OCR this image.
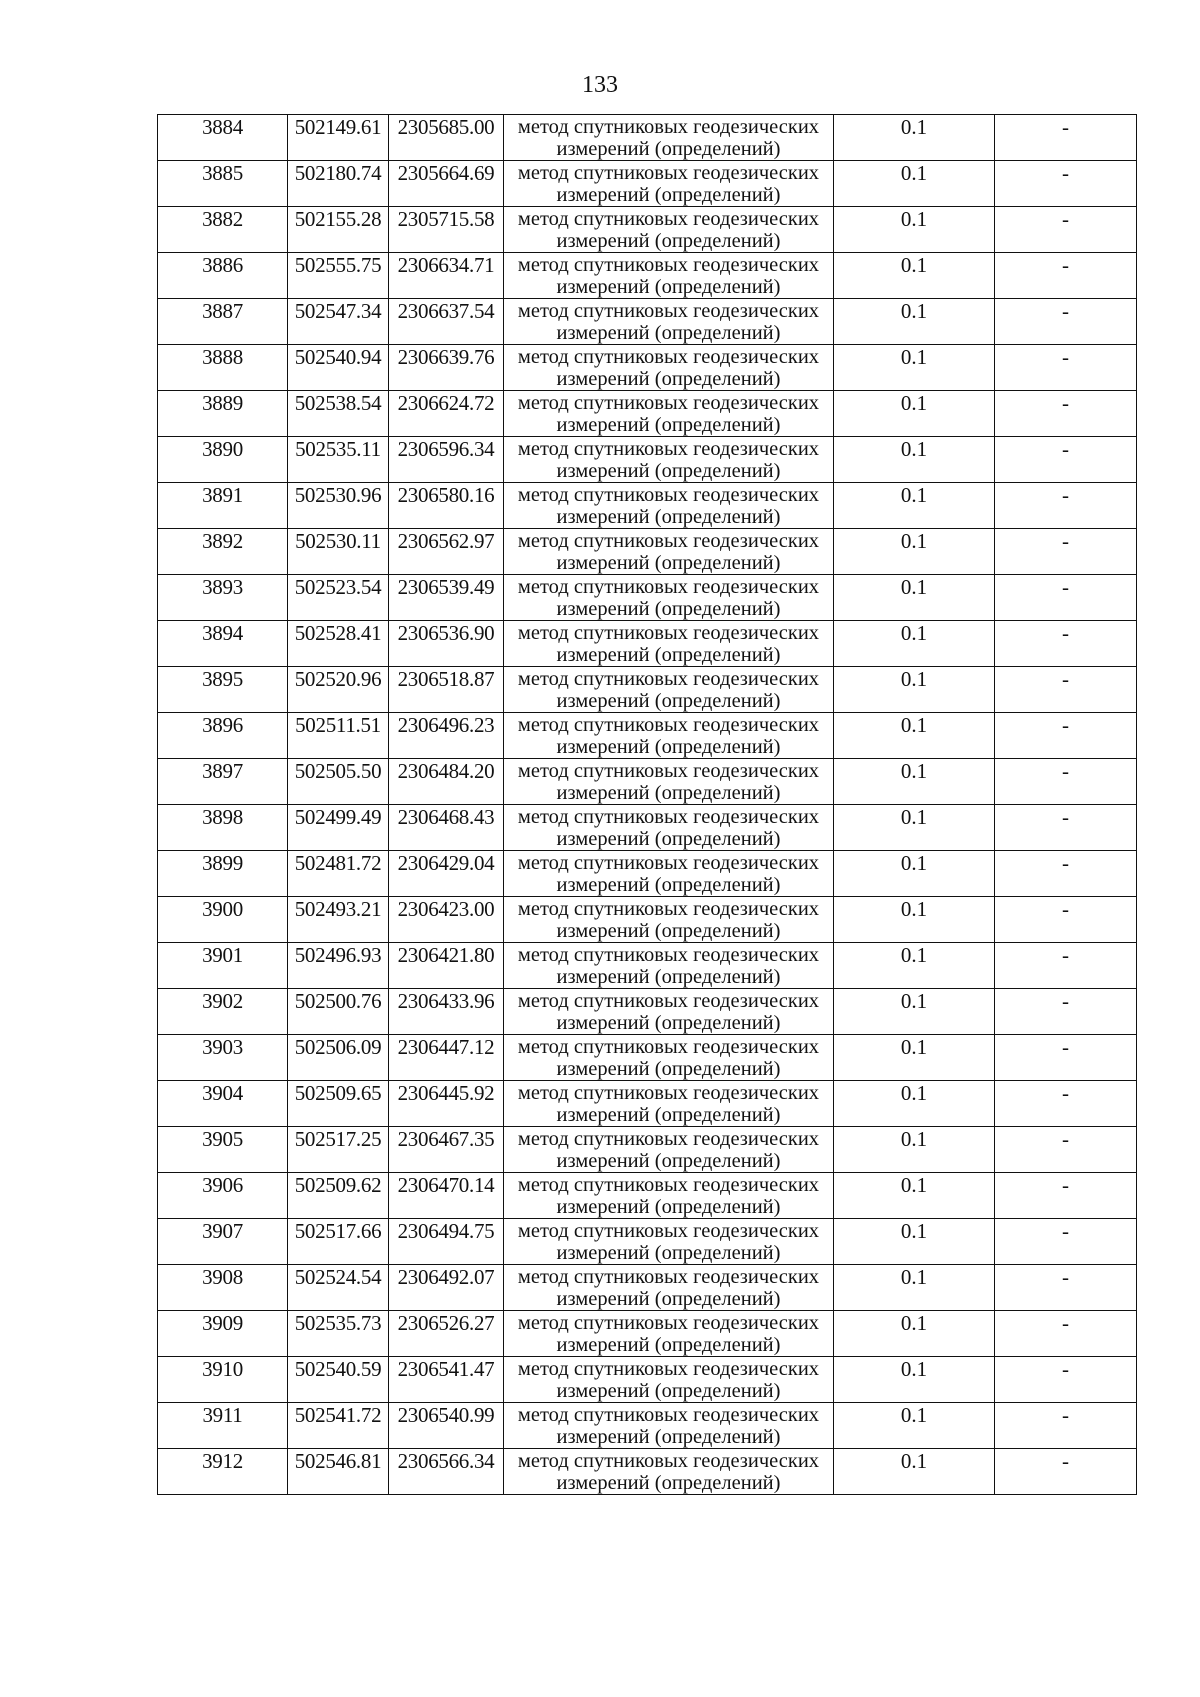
133
3884	502149.61	2305685.00	метод спутниковых геодезических измерений (определений)	0.1	-

3885	502180.74	2305664.69	метод спутниковых геодезических измерений (определений)	0.1	-

3882	502155.28	2305715.58	метод спутниковых геодезических измерений (определений)	0.1	-

3886	502555.75	2306634.71	метод спутниковых геодезических измерений (определений)	0.1	-

3887	502547.34	2306637.54	метод спутниковых геодезических измерений (определений)	0.1	-

3888	502540.94	2306639.76	метод спутниковых геодезических измерений (определений)	0.1	-

3889	502538.54	2306624.72	метод спутниковых геодезических измерений (определений)	0.1	-

3890	502535.11	2306596.34	метод спутниковых геодезических измерений (определений)	0.1	-

3891	502530.96	2306580.16	метод спутниковых геодезических измерений (определений)	0.1	-

3892	502530.11	2306562.97	метод спутниковых геодезических измерений (определений)	0.1	-

3893	502523.54	2306539.49	метод спутниковых геодезических измерений (определений)	0.1	-

3894	502528.41	2306536.90	метод спутниковых геодезических измерений (определений)	0.1	-

3895	502520.96	2306518.87	метод спутниковых геодезических измерений (определений)	0.1	-

3896	502511.51	2306496.23	метод спутниковых геодезических измерений (определений)	0.1	-

3897	502505.50	2306484.20	метод спутниковых геодезических измерений (определений)	0.1	-

3898	502499.49	2306468.43	метод спутниковых геодезических измерений (определений)	0.1	-

3899	502481.72	2306429.04	метод спутниковых геодезических измерений (определений)	0.1	-

3900	502493.21	2306423.00	метод спутниковых геодезических измерений (определений)	0.1	-

3901	502496.93	2306421.80	метод спутниковых геодезических измерений (определений)	0.1	-

3902	502500.76	2306433.96	метод спутниковых геодезических измерений (определений)	0.1	-

3903	502506.09	2306447.12	метод спутниковых геодезических измерений (определений)	0.1	-

3904	502509.65	2306445.92	метод спутниковых геодезических измерений (определений)	0.1	-

3905	502517.25	2306467.35	метод спутниковых геодезических измерений (определений)	0.1	-

3906	502509.62	2306470.14	метод спутниковых геодезических измерений (определений)	0.1	-

3907	502517.66	2306494.75	метод спутниковых геодезических измерений (определений)	0.1	-

3908	502524.54	2306492.07	метод спутниковых геодезических измерений (определений)	0.1	-

3909	502535.73	2306526.27	метод спутниковых геодезических измерений (определений)	0.1	-

3910	502540.59	2306541.47	метод спутниковых геодезических измерений (определений)	0.1	-

3911	502541.72	2306540.99	метод спутниковых геодезических измерений (определений)	0.1	-

3912	502546.81	2306566.34	метод спутниковых геодезических измерений (определений)	0.1	-
